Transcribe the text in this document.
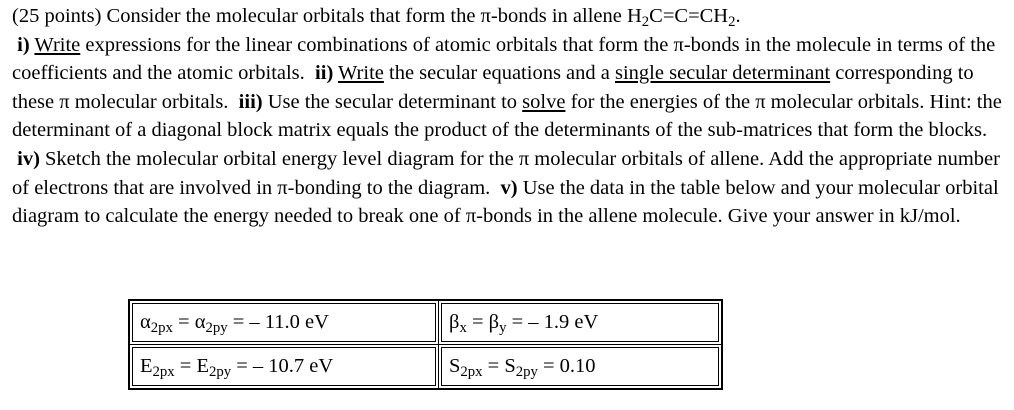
(25 points) Consider the molecular orbitals that form the π-bonds in allene $H_2C=C=CH_2$.
i) Write expressions for the linear combinations of atomic orbitals that form the π-bonds in the molecule in terms of the coefficients and the atomic orbitals. ii) Write the secular equations and a single secular determinant corresponding to these π molecular orbitals. iii) Use the secular determinant to solve for the energies of the π molecular orbitals. Hint: the determinant of a diagonal block matrix equals the product of the determinants of the sub-matrices that form the blocks.  iv) Sketch the molecular orbital energy level diagram for the π molecular orbitals of allene. Add the appropriate number of electrons that are involved in π-bonding to the diagram. v) Use the data in the table below and your molecular orbital diagram to calculate the energy needed to break one of π-bonds in the allene molecule. Give your answer in kJ/mol.

$\alpha_{2px} = \alpha_{2py}$ = – 11.0 eV	$\beta_x = \beta_y$ = – 1.9 eV
$E_{2px} = E_{2py}$ = – 10.7 eV	$S_{2px} = S_{2py} = 0.10$
